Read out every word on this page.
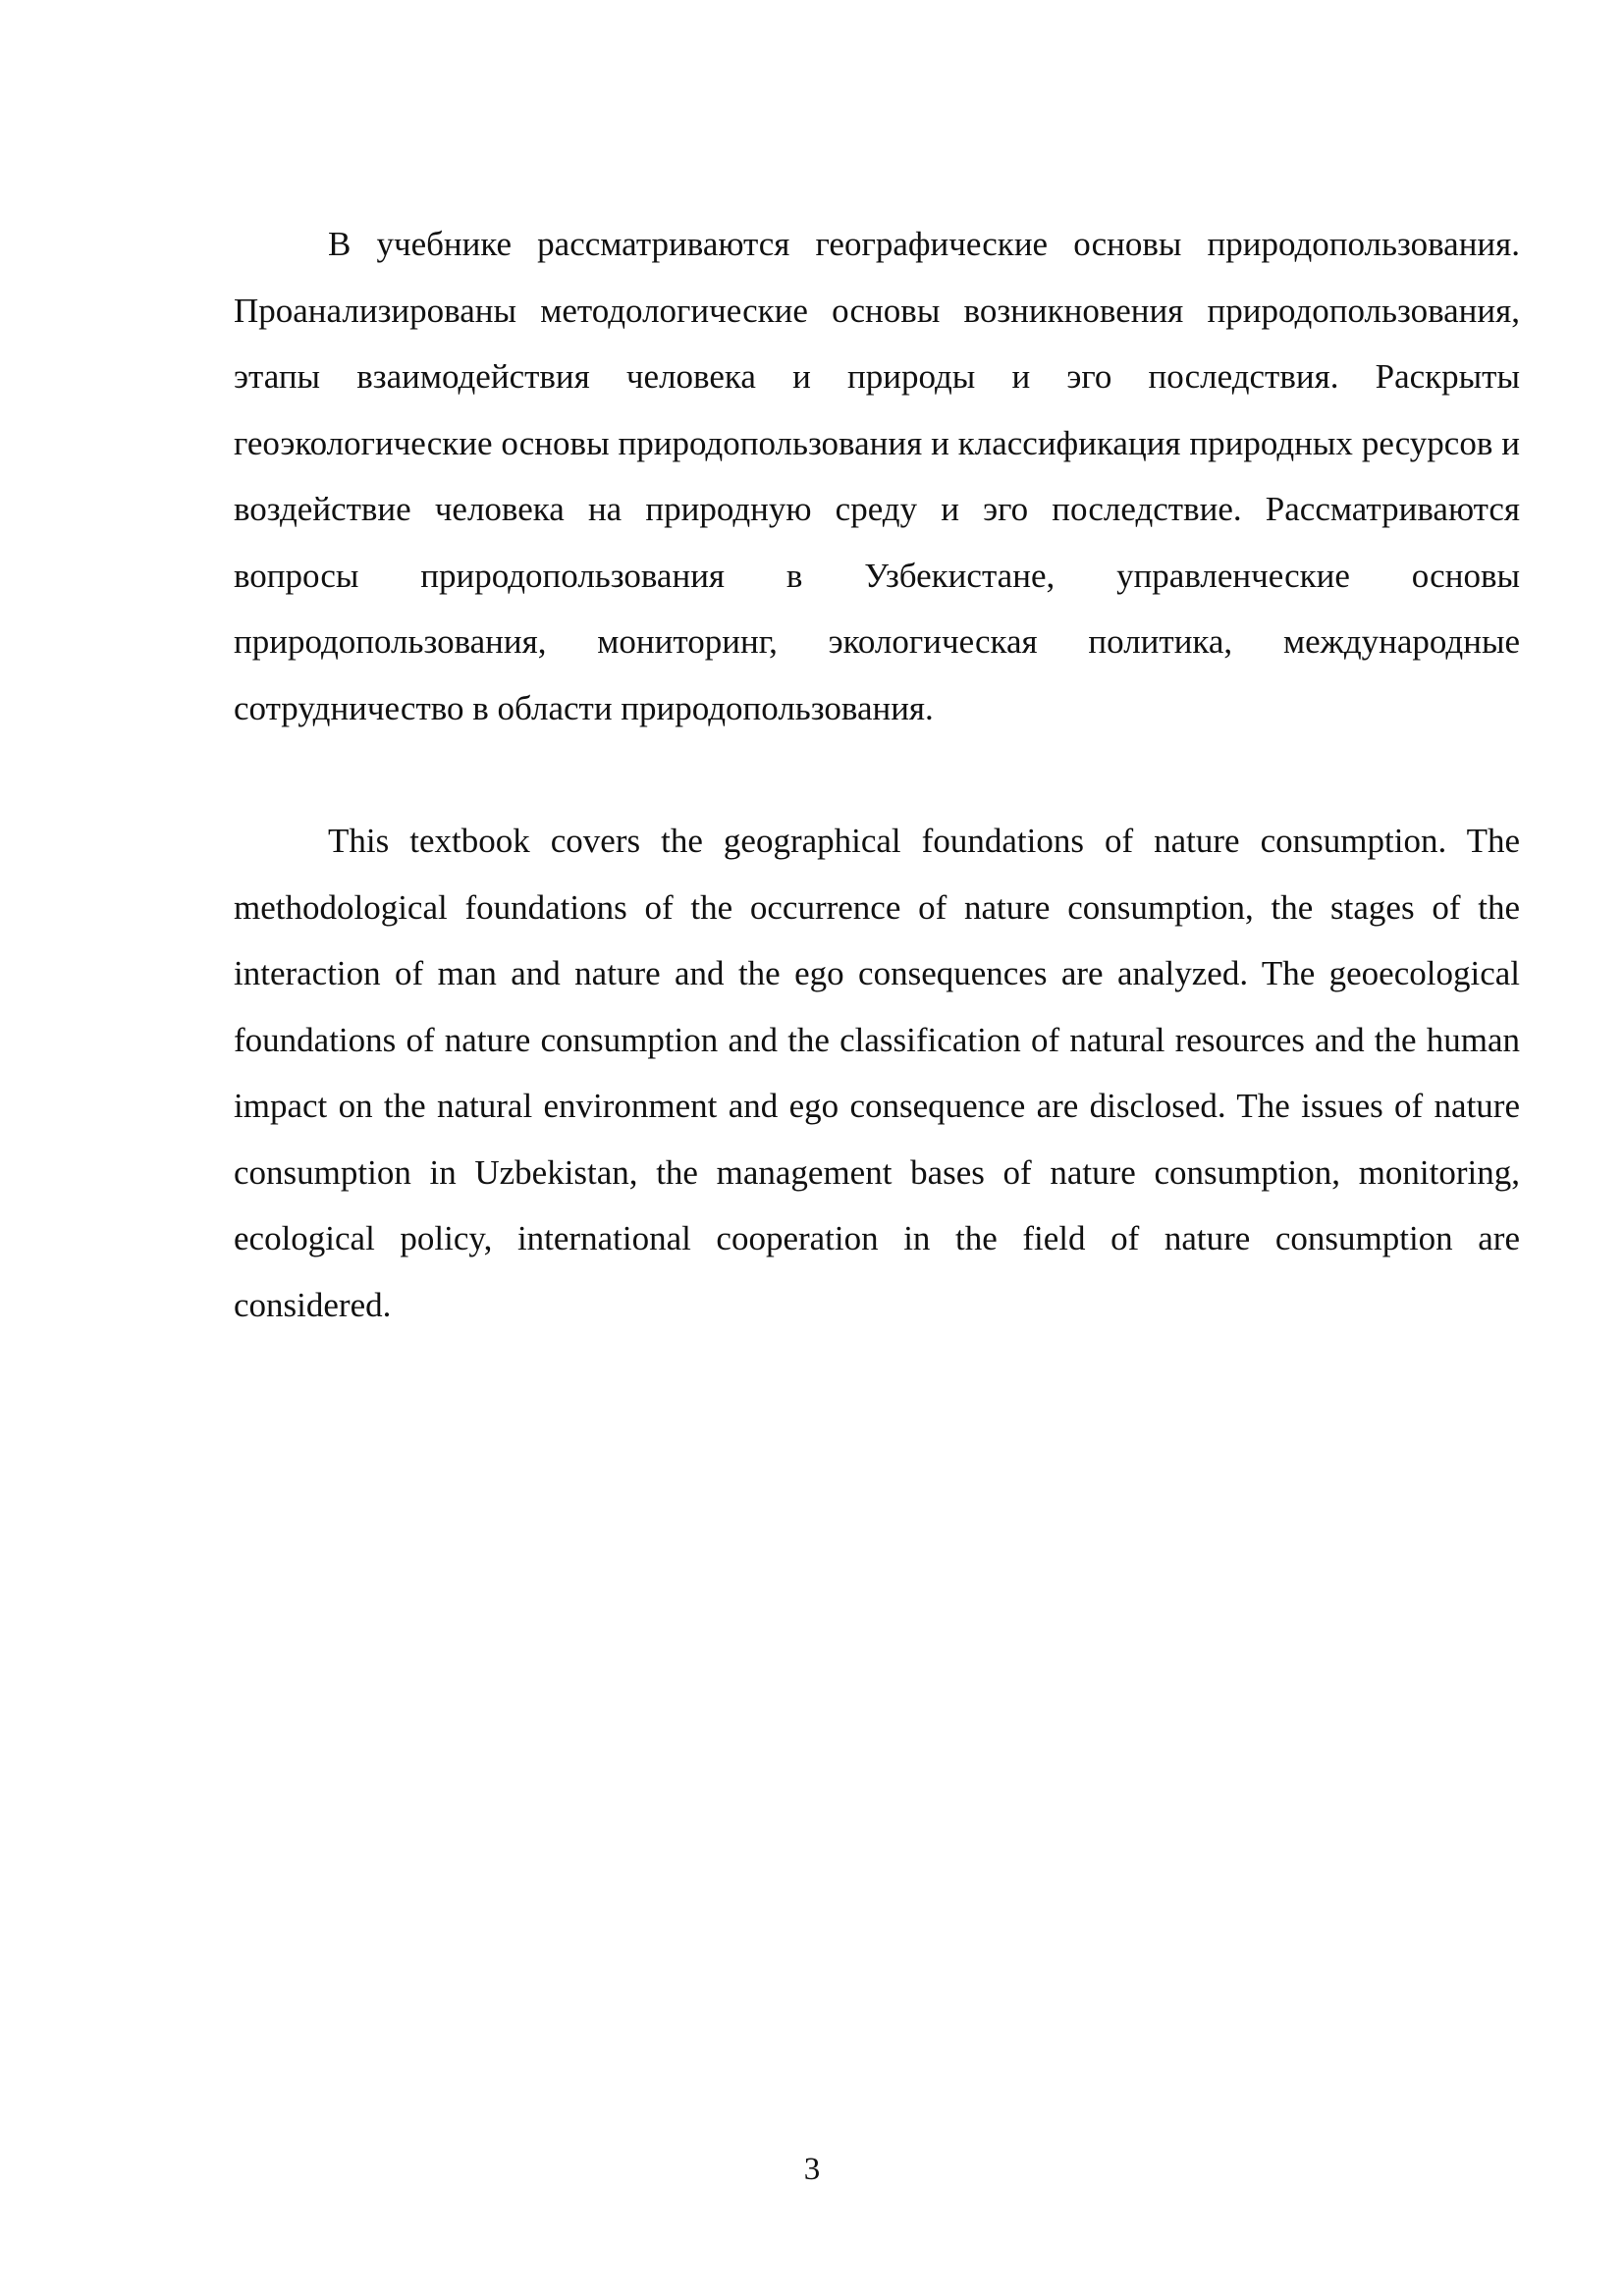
В учебнике рассматриваются географические основы природопользования. Проанализированы методологические основы возникновения природопользования, этапы взаимодействия человека и природы и эго последствия. Раскрыты геоэкологические основы природопользования и классификация природных ресурсов и воздействие человека на природную среду и эго последствие. Рассматриваются вопросы природопользования в Узбекистане, управленческие основы природопользования, мониторинг, экологическая политика, международные сотрудничество в области природопользования.

This textbook covers the geographical foundations of nature consumption. The methodological foundations of the occurrence of nature consumption, the stages of the interaction of man and nature and the ego consequences are analyzed. The geoecological foundations of nature consumption and the classification of natural resources and the human impact on the natural environment and ego consequence are disclosed. The issues of nature consumption in Uzbekistan, the management bases of nature consumption, monitoring, ecological policy, international cooperation in the field of nature consumption are considered.

3
